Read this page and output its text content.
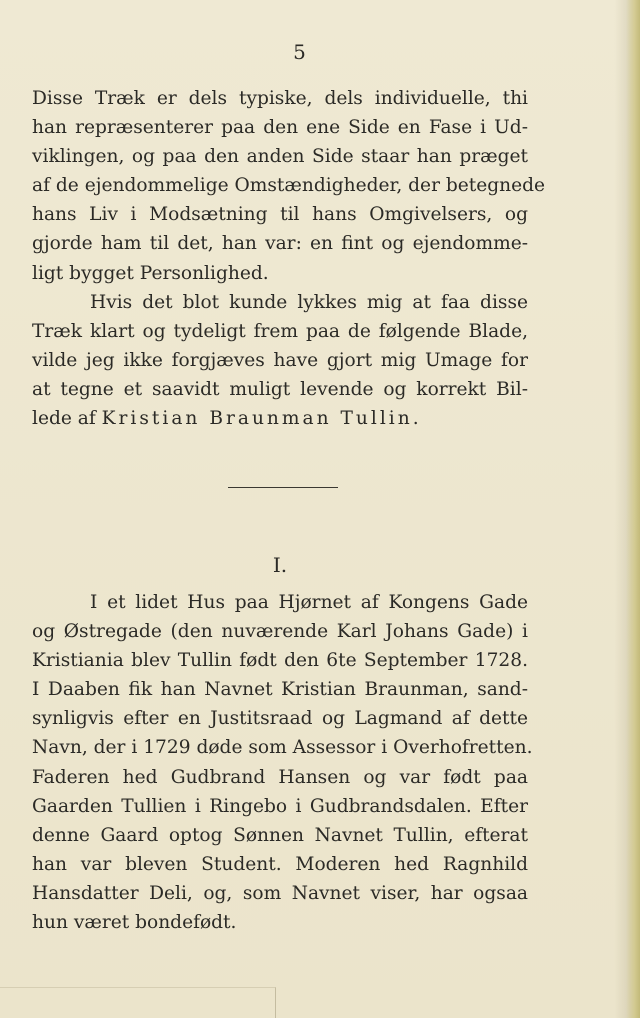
5

Disse Træk er dels typiske, dels individuelle, thi
han repræsenterer paa den ene Side en Fase i Ud-
viklingen, og paa den anden Side staar han præget
af de ejendommelige Omstændigheder, der betegnede
hans Liv i Modsætning til hans Omgivelsers, og
gjorde ham til det, han var: en fint og ejendomme-
ligt bygget Personlighed.

Hvis det blot kunde lykkes mig at faa disse
Træk klart og tydeligt frem paa de følgende Blade,
vilde jeg ikke forgjæves have gjort mig Umage for
at tegne et saavidt muligt levende og korrekt Bil-
lede af Kristian Braunman Tullin.

I.

I et lidet Hus paa Hjørnet af Kongens Gade
og Østregade (den nuværende Karl Johans Gade) i
Kristiania blev Tullin født den 6te September 1728.
I Daaben fik han Navnet Kristian Braunman, sand-
synligvis efter en Justitsraad og Lagmand af dette
Navn, der i 1729 døde som Assessor i Overhofretten.
Faderen hed Gudbrand Hansen og var født paa
Gaarden Tullien i Ringebo i Gudbrandsdalen. Efter
denne Gaard optog Sønnen Navnet Tullin, efterat
han var bleven Student. Moderen hed Ragnhild
Hansdatter Deli, og, som Navnet viser, har ogsaa
hun været bondefødt.
